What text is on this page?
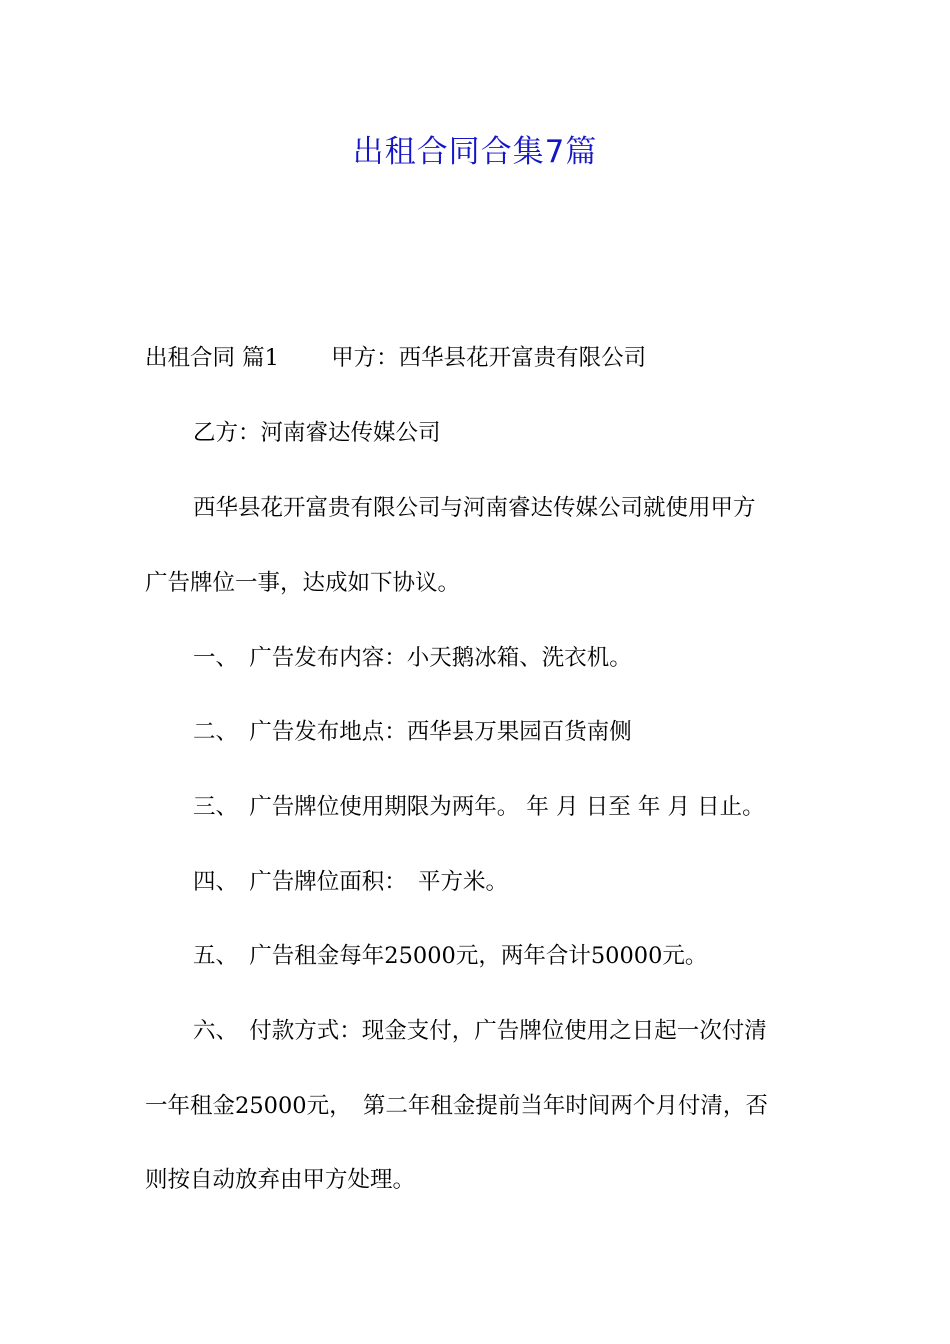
出租合同合集7篇
出租合同 篇1 　　甲方：西华县花开富贵有限公司
乙方：河南睿达传媒公司
西华县花开富贵有限公司与河南睿达传媒公司就使用甲方
广告牌位一事，达成如下协议。
一、　广告发布内容：小天鹅冰箱、洗衣机。
二、　广告发布地点：西华县万果园百货南侧
三、　广告牌位使用期限为两年。 年 月 日至 年 月 日止。
四、　广告牌位面积：　平方米。
五、　广告租金每年25000元，两年合计50000元。
六、　付款方式：现金支付，广告牌位使用之日起一次付清
一年租金25000元，　第二年租金提前当年时间两个月付清，否
则按自动放弃由甲方处理。
